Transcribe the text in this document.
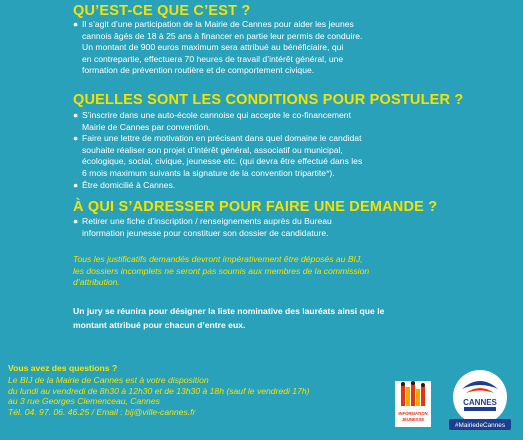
QU’EST-CE QUE C’EST ?
Il s’agit d’une participation de la Mairie de Cannes pour aider les jeunes
cannois âgés de 18 à 25 ans à financer en partie leur permis de conduire.
Un montant de 900 euros maximum sera attribué au bénéficiaire, qui
en contrepartie, effectuera 70 heures de travail d’intérêt général, une
formation de prévention routière et de comportement civique.
●
QUELLES SONT LES CONDITIONS POUR POSTULER ?
● S’inscrire dans une auto-école cannoise qui accepte le co-financement
Mairie de Cannes par convention.
● Faire une lettre de motivation en précisant dans quel domaine le candidat
souhaite réaliser son projet d’intérêt général, associatif ou municipal,
écologique, social, civique, jeunesse etc. (qui devra être effectué dans les
6 mois maximum suivants la signature de la convention tripartite*).
● Être domicilié à Cannes.
À QUI S’ADRESSER POUR FAIRE UNE DEMANDE ?
● Retirer une fiche d’inscription / renseignements auprès du Bureau
information jeunesse pour constituer son dossier de candidature.
Tous les justificatifs demandés devront impérativement être déposés au BIJ,
les dossiers incomplets ne seront pas soumis aux membres de la commission
d’attribution.
Un jury se réunira pour désigner la liste nominative des lauréats ainsi que le
montant attribué pour chacun d’entre eux.
Vous avez des questions ?
Le BIJ de la Mairie de Cannes est à votre disposition
du lundi au vendredi de 8h30 à 12h30 et de 13h30 à 18h (sauf le vendredi 17h)
au 3 rue Georges Clemenceau, Cannes
Tél. 04. 97. 06. 46.25 / Email : bij@ville-cannes.fr	INFORMATION
JEUNESSE
CANNES
#MairiedeCannes
